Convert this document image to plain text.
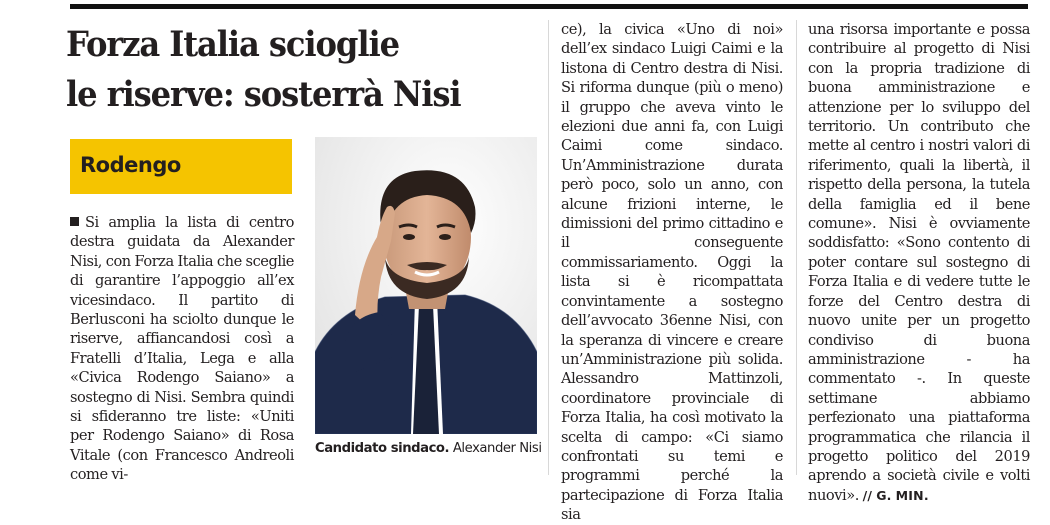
Forza Italia scioglie
le riserve: sosterrà Nisi
Rodengo
Si amplia la lista di centro destra guidata da Alexander Nisi, con Forza Italia che sceglie di garantire l’appoggio all’ex vicesindaco. Il partito di Berlusconi ha sciolto dunque le riserve, affiancandosi così a Fratelli d’Italia, Lega e alla «Civica Rodengo Saiano» a sostegno di Nisi. Sembra quindi si sfideranno tre liste: «Uniti per Rodengo Saiano» di Rosa Vitale (con Francesco Andreoli come vi-
Candidato sindaco. Alexander Nisi
ce), la civica «Uno di noi» dell’ex sindaco Luigi Caimi e la listona di Centro destra di Nisi. Si riforma dunque (più o meno) il gruppo che aveva vinto le elezioni due anni fa, con Luigi Caimi come sindaco. Un’Amministrazione durata però poco, solo un anno, con alcune frizioni interne, le dimissioni del primo cittadino e il conseguente commissariamento. Oggi la lista si è ricompattata convintamente a sostegno dell’avvocato 36enne Nisi, con la speranza di vincere e creare un’Amministrazione più solida. Alessandro Mattinzoli, coordinatore provinciale di Forza Italia, ha così motivato la scelta di campo: «Ci siamo confrontati su temi e programmi perché la partecipazione di Forza Italia sia
una risorsa importante e possa contribuire al progetto di Nisi con la propria tradizione di buona amministrazione e attenzione per lo sviluppo del territorio. Un contributo che mette al centro i nostri valori di riferimento, quali la libertà, il rispetto della persona, la tutela della famiglia ed il bene comune». Nisi è ovviamente soddisfatto: «Sono contento di poter contare sul sostegno di Forza Italia e di vedere tutte le forze del Centro destra di nuovo unite per un progetto condiviso di buona amministrazione - ha commentato -. In queste settimane abbiamo perfezionato una piattaforma programmatica che rilancia il progetto politico del 2019 aprendo a società civile e volti nuovi». // G. MIN.
